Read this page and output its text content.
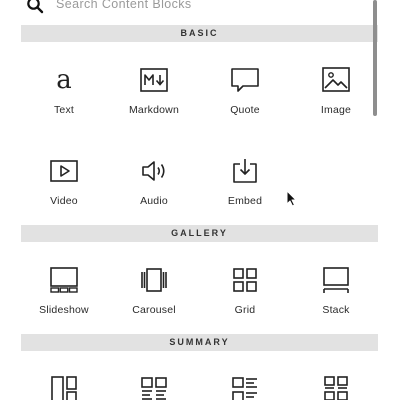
Search Content Blocks
BASIC
a
Text	Markdown	Quote	Image
Video	Audio	Embed
GALLERY
Slideshow	Carousel	Grid	Stack
SUMMARY
